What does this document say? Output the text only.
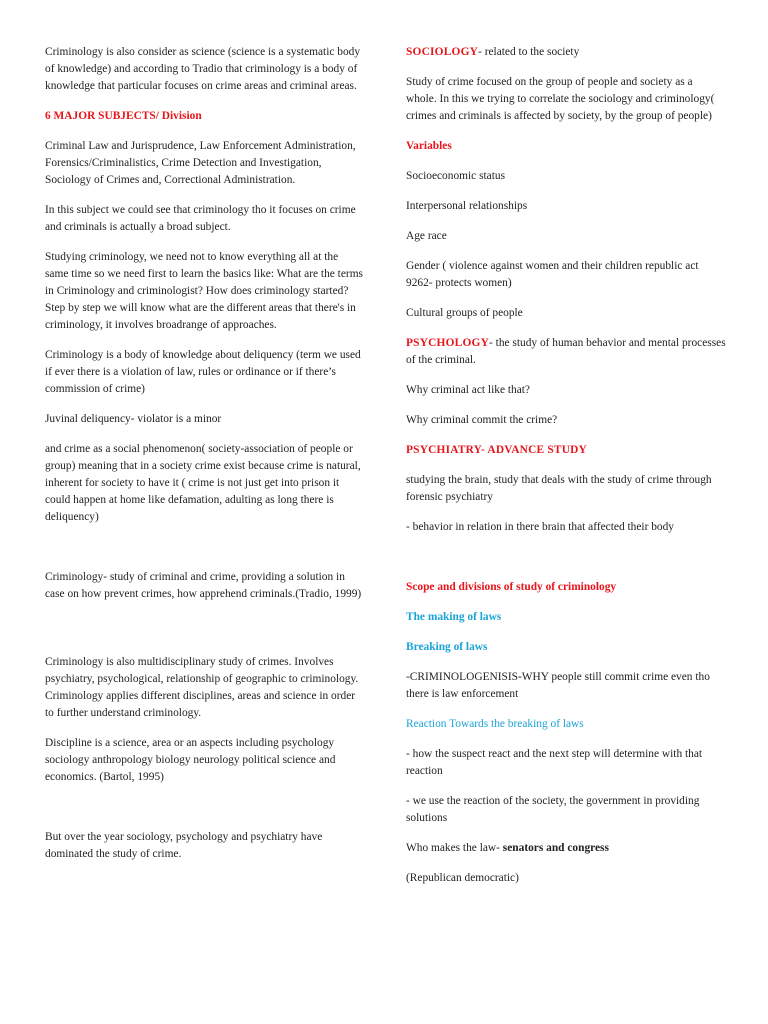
Criminology is also consider as science (science is a systematic body of knowledge) and according to Tradio that criminology is a body of knowledge that particular focuses on crime areas and criminal areas.

6 MAJOR SUBJECTS/ Division

Criminal Law and Jurisprudence, Law Enforcement Administration, Forensics/Criminalistics, Crime Detection and Investigation, Sociology of Crimes and, Correctional Administration.

In this subject we could see that criminology tho it focuses on crime and criminals is actually a broad subject.

Studying criminology, we need not to know everything all at the same time so we need first to learn the basics like: What are the terms in Criminology and criminologist? How does criminology started? Step by step we will know what are the different areas that there's in criminology, it involves broadrange of approaches.

Criminology is a body of knowledge about deliquency (term we used if ever there is a violation of law, rules or ordinance or if there’s commission of crime)

Juvinal deliquency- violator is a minor

and crime as a social phenomenon( society-association of people or group) meaning that in a society crime exist because crime is natural, inherent for society to have it ( crime is not just get into prison it could happen at home like defamation, adulting as long there is deliquency)

Criminology- study of criminal and crime, providing a solution in case on how prevent crimes, how apprehend criminals.(Tradio, 1999)

Criminology is also multidisciplinary study of crimes. Involves psychiatry, psychological, relationship of geographic to criminology. Criminology applies different disciplines, areas and science in order to further understand criminology.

Discipline is a science, area or an aspects including psychology sociology anthropology biology neurology political science and economics. (Bartol, 1995)

But over the year sociology, psychology and psychiatry have dominated the study of crime.

SOCIOLOGY- related to the society

Study of crime focused on the group of people and society as a whole. In this we trying to correlate the sociology and criminology( crimes and criminals is affected by society, by the group of people)

Variables

Socioeconomic status

Interpersonal relationships

Age race

Gender ( violence against women and their children republic act 9262- protects women)

Cultural groups of people

PSYCHOLOGY- the study of human behavior and mental processes of the criminal.

Why criminal act like that?

Why criminal commit the crime?

PSYCHIATRY- ADVANCE STUDY

studying the brain, study that deals with the study of crime through forensic psychiatry

- behavior in relation in there brain that affected their body

Scope and divisions of study of criminology

The making of laws

Breaking of laws

-CRIMINOLOGENISIS-WHY people still commit crime even tho there is law enforcement

Reaction Towards the breaking of laws

- how the suspect react and the next step will determine with that reaction

- we use the reaction of the society, the government in providing solutions

Who makes the law- senators and congress

(Republican democratic)
